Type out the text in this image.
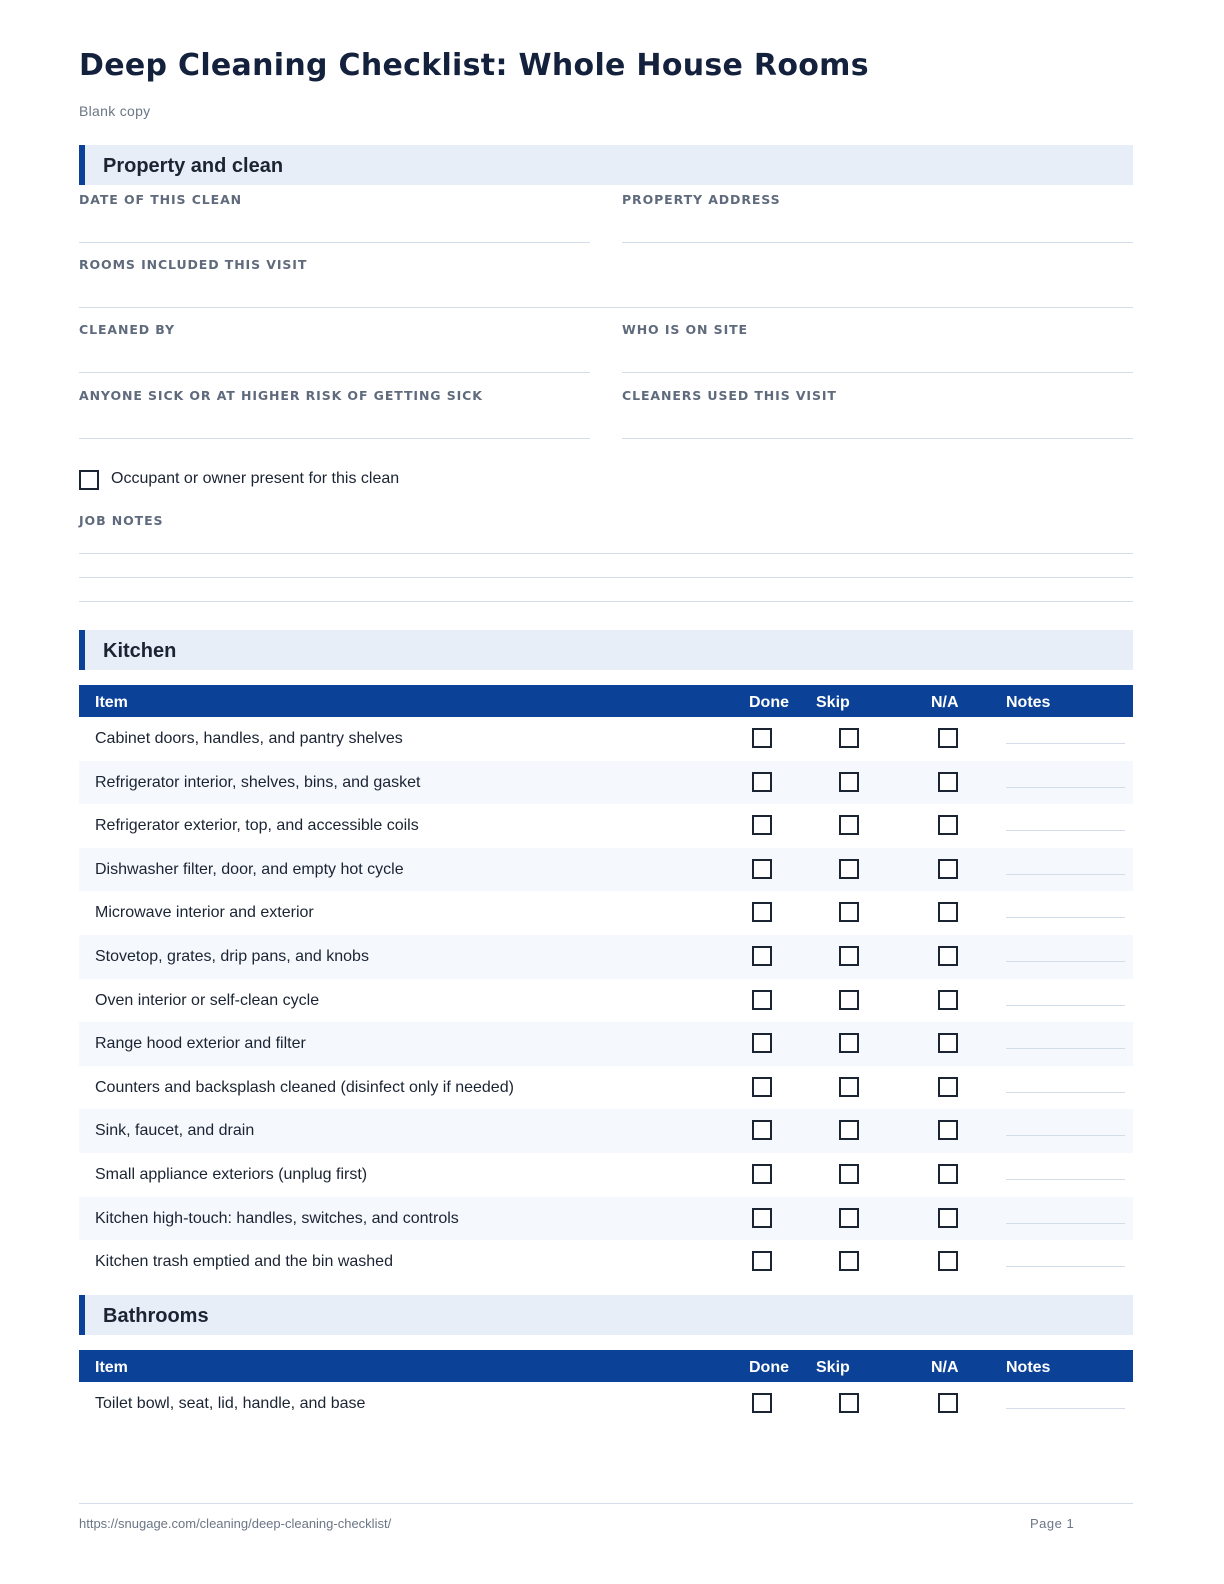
Deep Cleaning Checklist: Whole House Rooms
Blank copy
Property and clean
DATE OF THIS CLEAN	PROPERTY ADDRESS
ROOMS INCLUDED THIS VISIT
CLEANED BY	WHO IS ON SITE
ANYONE SICK OR AT HIGHER RISK OF GETTING SICK	CLEANERS USED THIS VISIT
Occupant or owner present for this clean
JOB NOTES
Kitchen
Item	Done Skip	N/A	Notes
Cabinet doors, handles, and pantry shelves
Refrigerator interior, shelves, bins, and gasket
Refrigerator exterior, top, and accessible coils
Dishwasher filter, door, and empty hot cycle
Microwave interior and exterior
Stovetop, grates, drip pans, and knobs
Oven interior or self-clean cycle
Range hood exterior and filter
Counters and backsplash cleaned (disinfect only if needed)
Sink, faucet, and drain
Small appliance exteriors (unplug first)
Kitchen high-touch: handles, switches, and controls
Kitchen trash emptied and the bin washed
Bathrooms
Item	Done Skip	N/A	Notes
Toilet bowl, seat, lid, handle, and base
https://snugage.com/cleaning/deep-cleaning-checklist/	Page 1
